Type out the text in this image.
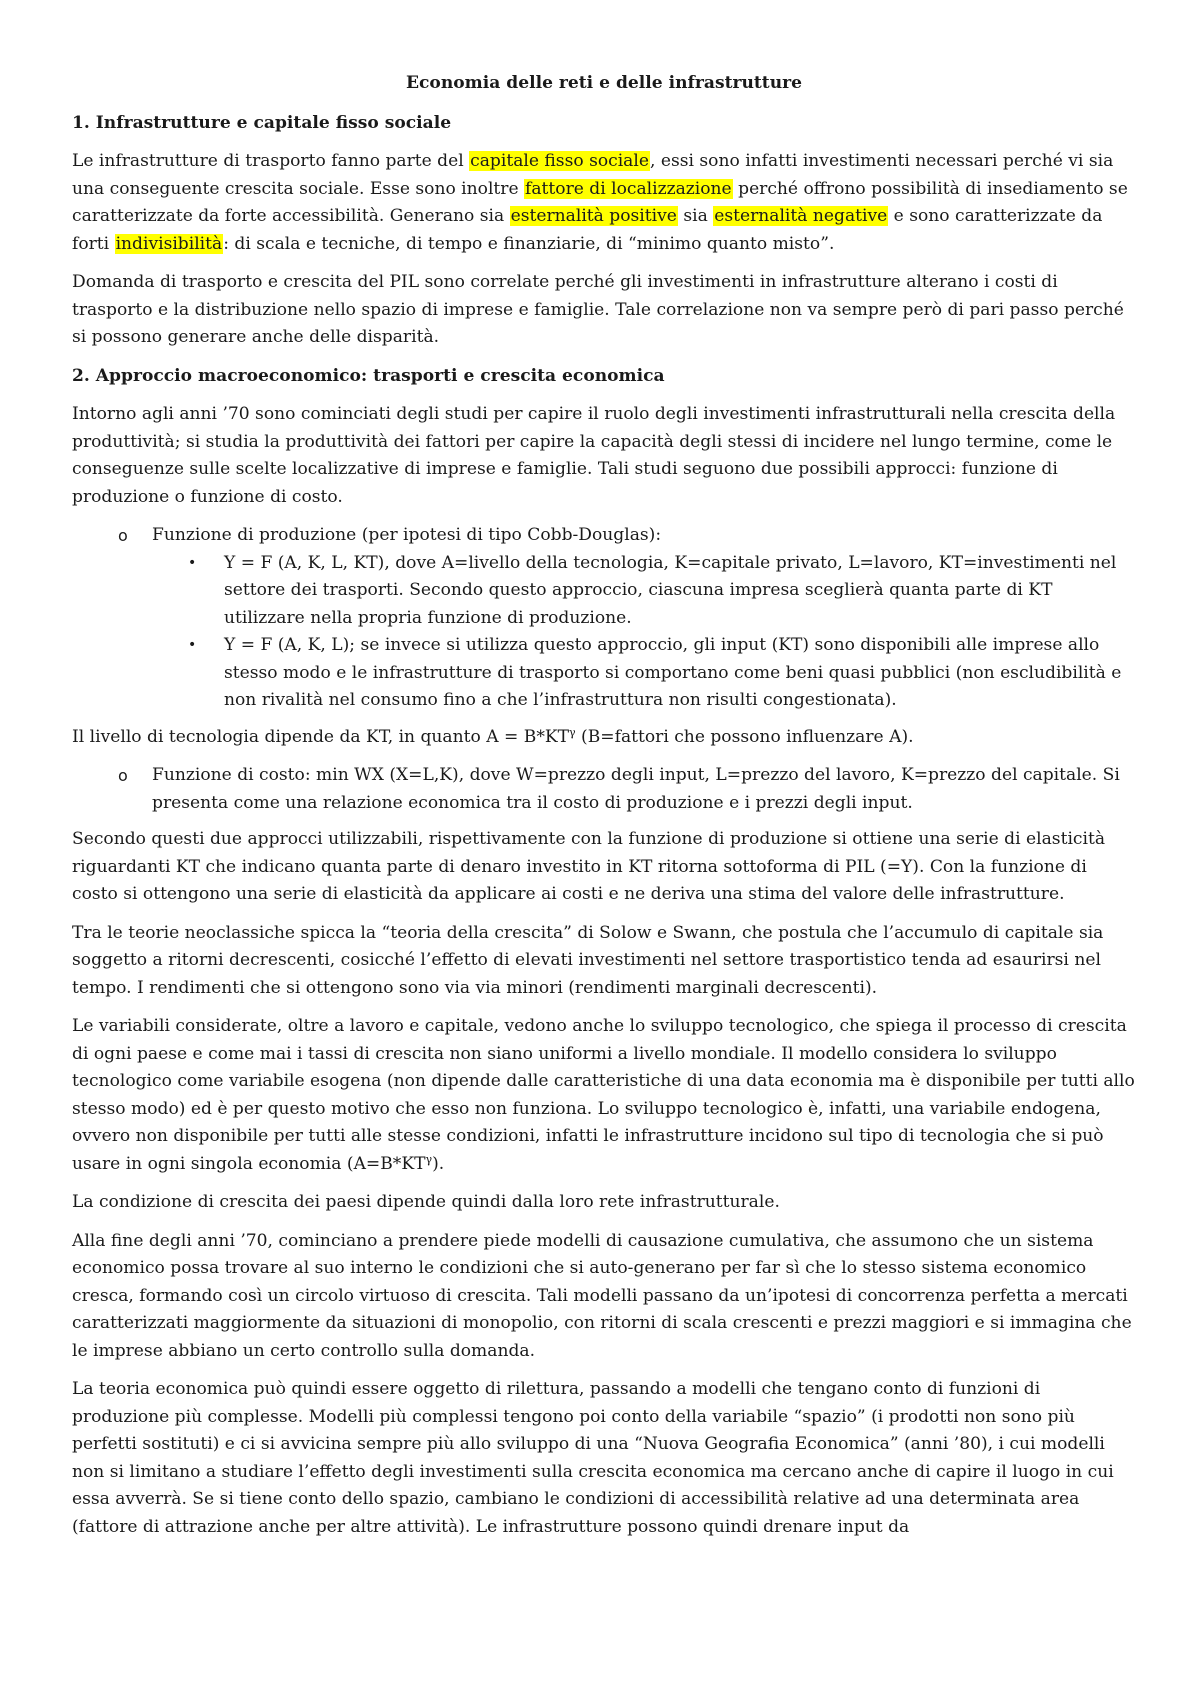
Economia delle reti e delle infrastrutture
1. Infrastrutture e capitale fisso sociale

Le infrastrutture di trasporto fanno parte del capitale fisso sociale, essi sono infatti investimenti necessari perché vi sia una conseguente crescita sociale. Esse sono inoltre fattore di localizzazione perché offrono possibilità di insediamento se caratterizzate da forte accessibilità. Generano sia esternalità positive sia esternalità negative e sono caratterizzate da forti indivisibilità: di scala e tecniche, di tempo e finanziarie, di “minimo quanto misto”.

Domanda di trasporto e crescita del PIL sono correlate perché gli investimenti in infrastrutture alterano i costi di trasporto e la distribuzione nello spazio di imprese e famiglie. Tale correlazione non va sempre però di pari passo perché si possono generare anche delle disparità.

2. Approccio macroeconomico: trasporti e crescita economica

Intorno agli anni ’70 sono cominciati degli studi per capire il ruolo degli investimenti infrastrutturali nella crescita della produttività; si studia la produttività dei fattori per capire la capacità degli stessi di incidere nel lungo termine, come le conseguenze sulle scelte localizzative di imprese e famiglie. Tali studi seguono due possibili approcci: funzione di produzione o funzione di costo.

o Funzione di produzione (per ipotesi di tipo Cobb-Douglas):
• Y = F (A, K, L, KT), dove A=livello della tecnologia, K=capitale privato, L=lavoro, KT=investimenti nel settore dei trasporti. Secondo questo approccio, ciascuna impresa sceglierà quanta parte di KT utilizzare nella propria funzione di produzione.
• Y = F (A, K, L); se invece si utilizza questo approccio, gli input (KT) sono disponibili alle imprese allo stesso modo e le infrastrutture di trasporto si comportano come beni quasi pubblici (non escludibilità e non rivalità nel consumo fino a che l’infrastruttura non risulti congestionata).

Il livello di tecnologia dipende da KT, in quanto $A = B*KT^\gamma$ (B=fattori che possono influenzare A).

o Funzione di costo: min WX (X=L,K), dove W=prezzo degli input, L=prezzo del lavoro, K=prezzo del capitale. Si presenta come una relazione economica tra il costo di produzione e i prezzi degli input.

Secondo questi due approcci utilizzabili, rispettivamente con la funzione di produzione si ottiene una serie di elasticità riguardanti KT che indicano quanta parte di denaro investito in KT ritorna sottoforma di PIL (=Y). Con la funzione di costo si ottengono una serie di elasticità da applicare ai costi e ne deriva una stima del valore delle infrastrutture.

Tra le teorie neoclassiche spicca la “teoria della crescita” di Solow e Swann, che postula che l’accumulo di capitale sia soggetto a ritorni decrescenti, cosicché l’effetto di elevati investimenti nel settore trasportistico tenda ad esaurirsi nel tempo. I rendimenti che si ottengono sono via via minori (rendimenti marginali decrescenti).

Le variabili considerate, oltre a lavoro e capitale, vedono anche lo sviluppo tecnologico, che spiega il processo di crescita di ogni paese e come mai i tassi di crescita non siano uniformi a livello mondiale. Il modello considera lo sviluppo tecnologico come variabile esogena (non dipende dalle caratteristiche di una data economia ma è disponibile per tutti allo stesso modo) ed è per questo motivo che esso non funziona. Lo sviluppo tecnologico è, infatti, una variabile endogena, ovvero non disponibile per tutti alle stesse condizioni, infatti le infrastrutture incidono sul tipo di tecnologia che si può usare in ogni singola economia $(A=B*KT^\gamma)$.

La condizione di crescita dei paesi dipende quindi dalla loro rete infrastrutturale.

Alla fine degli anni ’70, cominciano a prendere piede modelli di causazione cumulativa, che assumono che un sistema economico possa trovare al suo interno le condizioni che si auto-generano per far sì che lo stesso sistema economico cresca, formando così un circolo virtuoso di crescita. Tali modelli passano da un’ipotesi di concorrenza perfetta a mercati caratterizzati maggiormente da situazioni di monopolio, con ritorni di scala crescenti e prezzi maggiori e si immagina che le imprese abbiano un certo controllo sulla domanda.

La teoria economica può quindi essere oggetto di rilettura, passando a modelli che tengano conto di funzioni di produzione più complesse. Modelli più complessi tengono poi conto della variabile “spazio” (i prodotti non sono più perfetti sostituti) e ci si avvicina sempre più allo sviluppo di una “Nuova Geografia Economica” (anni ’80), i cui modelli non si limitano a studiare l’effetto degli investimenti sulla crescita economica ma cercano anche di capire il luogo in cui essa avverrà. Se si tiene conto dello spazio, cambiano le condizioni di accessibilità relative ad una determinata area (fattore di attrazione anche per altre attività). Le infrastrutture possono quindi drenare input da
